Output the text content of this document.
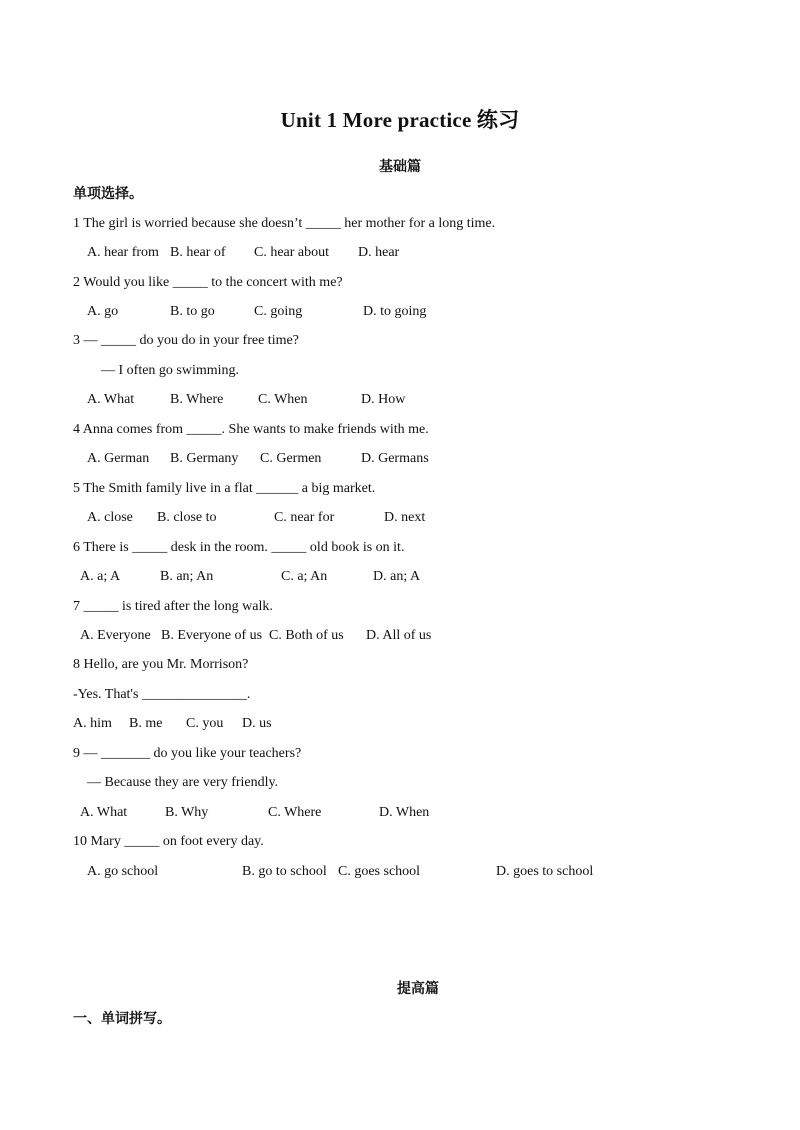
Unit 1 More practice 练习
基础篇
单项选择。
1 The girl is worried because she doesn’t _____ her mother for a long time.
A. hear from B. hear of C. hear about D. hear
2 Would you like _____ to the concert with me?
A. go	B. to go	C. going	D. to going
3 — _____ do you do in your free time?
— I often go swimming.
A. What	B. Where C. When	D. How
4 Anna comes from _____. She wants to make friends with me.
A. German B. Germany C. Germen	D. Germans
5 The Smith family live in a flat ______ a big market.
A. close B. close to	C. near for	D. next
6 There is _____ desk in the room. _____ old book is on it.
A. a; A	B. an; An	C. a; An	D. an; A
7 _____ is tired after the long walk.
A. Everyone B. Everyone of us C. Both of us D. All of us
8 Hello, are you Mr. Morrison?
-Yes. That's _______________.
A. him B. me C. you D. us
9 — _______ do you like your teachers?
— Because they are very friendly.
A. What	B. Why	C. Where	D. When
10 Mary _____ on foot every day.
A. go school	B. go to school C. goes school	D. goes to school
提高篇
一、单词拼写。
